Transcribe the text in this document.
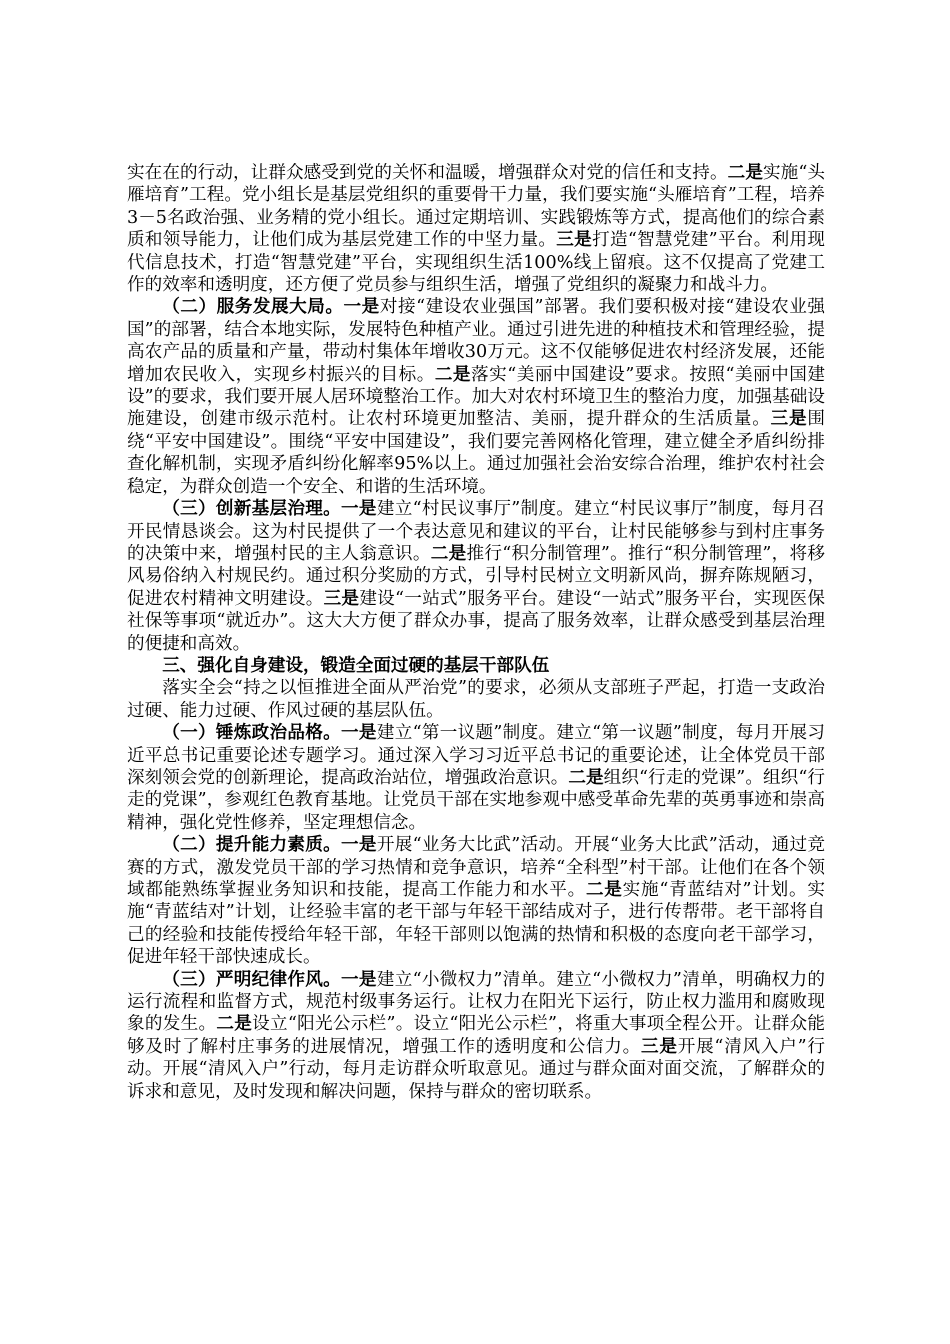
实在在的行动，让群众感受到党的关怀和温暖，增强群众对党的信任和支持。二是实施“头雁培育”工程。党小组长是基层党组织的重要骨干力量，我们要实施“头雁培育”工程，培养3－5名政治强、业务精的党小组长。通过定期培训、实践锻炼等方式，提高他们的综合素质和领导能力，让他们成为基层党建工作的中坚力量。三是打造“智慧党建”平台。利用现代信息技术，打造“智慧党建”平台，实现组织生活100%线上留痕。这不仅提高了党建工作的效率和透明度，还方便了党员参与组织生活，增强了党组织的凝聚力和战斗力。

（二）服务发展大局。一是对接“建设农业强国”部署。我们要积极对接“建设农业强国”的部署，结合本地实际，发展特色种植产业。通过引进先进的种植技术和管理经验，提高农产品的质量和产量，带动村集体年增收30万元。这不仅能够促进农村经济发展，还能增加农民收入，实现乡村振兴的目标。二是落实“美丽中国建设”要求。按照“美丽中国建设”的要求，我们要开展人居环境整治工作。加大对农村环境卫生的整治力度，加强基础设施建设，创建市级示范村。让农村环境更加整洁、美丽，提升群众的生活质量。三是围绕“平安中国建设”。围绕“平安中国建设”，我们要完善网格化管理，建立健全矛盾纠纷排查化解机制，实现矛盾纠纷化解率95%以上。通过加强社会治安综合治理，维护农村社会稳定，为群众创造一个安全、和谐的生活环境。

（三）创新基层治理。一是建立“村民议事厅”制度。建立“村民议事厅”制度，每月召开民情恳谈会。这为村民提供了一个表达意见和建议的平台，让村民能够参与到村庄事务的决策中来，增强村民的主人翁意识。二是推行“积分制管理”。推行“积分制管理”，将移风易俗纳入村规民约。通过积分奖励的方式，引导村民树立文明新风尚，摒弃陈规陋习，促进农村精神文明建设。三是建设“一站式”服务平台。建设“一站式”服务平台，实现医保社保等事项“就近办”。这大大方便了群众办事，提高了服务效率，让群众感受到基层治理的便捷和高效。

三、强化自身建设，锻造全面过硬的基层干部队伍

落实全会“持之以恒推进全面从严治党”的要求，必须从支部班子严起，打造一支政治过硬、能力过硬、作风过硬的基层队伍。

（一）锤炼政治品格。一是建立“第一议题”制度。建立“第一议题”制度，每月开展习近平总书记重要论述专题学习。通过深入学习习近平总书记的重要论述，让全体党员干部深刻领会党的创新理论，提高政治站位，增强政治意识。二是组织“行走的党课”。组织“行走的党课”，参观红色教育基地。让党员干部在实地参观中感受革命先辈的英勇事迹和崇高精神，强化党性修养，坚定理想信念。

（二）提升能力素质。一是开展“业务大比武”活动。开展“业务大比武”活动，通过竞赛的方式，激发党员干部的学习热情和竞争意识，培养“全科型”村干部。让他们在各个领域都能熟练掌握业务知识和技能，提高工作能力和水平。二是实施“青蓝结对”计划。实施“青蓝结对”计划，让经验丰富的老干部与年轻干部结成对子，进行传帮带。老干部将自己的经验和技能传授给年轻干部，年轻干部则以饱满的热情和积极的态度向老干部学习，促进年轻干部快速成长。

（三）严明纪律作风。一是建立“小微权力”清单。建立“小微权力”清单，明确权力的运行流程和监督方式，规范村级事务运行。让权力在阳光下运行，防止权力滥用和腐败现象的发生。二是设立“阳光公示栏”。设立“阳光公示栏”，将重大事项全程公开。让群众能够及时了解村庄事务的进展情况，增强工作的透明度和公信力。三是开展“清风入户”行动。开展“清风入户”行动，每月走访群众听取意见。通过与群众面对面交流，了解群众的诉求和意见，及时发现和解决问题，保持与群众的密切联系。
